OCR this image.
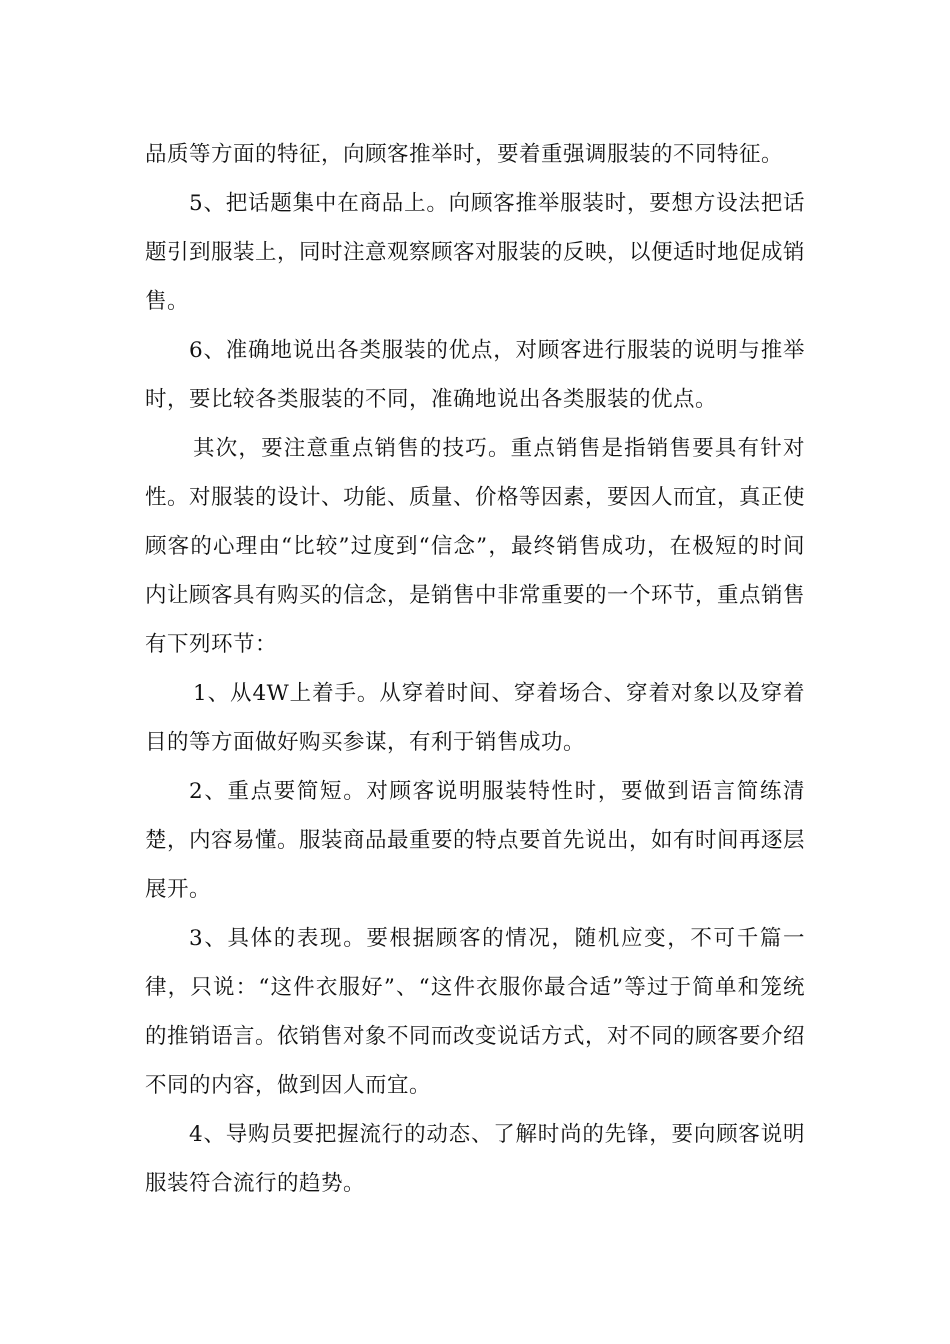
品质等方面的特征，向顾客推举时，要着重强调服装的不同特征。

5、把话题集中在商品上。向顾客推举服装时，要想方设法把话题引到服装上，同时注意观察顾客对服装的反映，以便适时地促成销售。

6、准确地说出各类服装的优点，对顾客进行服装的说明与推举时，要比较各类服装的不同，准确地说出各类服装的优点。

其次，要注意重点销售的技巧。重点销售是指销售要具有针对性。对服装的设计、功能、质量、价格等因素，要因人而宜，真正使顾客的心理由“比较”过度到“信念”，最终销售成功，在极短的时间内让顾客具有购买的信念，是销售中非常重要的一个环节，重点销售有下列环节：

1、从4W上着手。从穿着时间、穿着场合、穿着对象以及穿着目的等方面做好购买参谋，有利于销售成功。

2、重点要简短。对顾客说明服装特性时，要做到语言简练清楚，内容易懂。服装商品最重要的特点要首先说出，如有时间再逐层展开。

3、具体的表现。要根据顾客的情况，随机应变，不可千篇一律，只说：“这件衣服好”、“这件衣服你最合适”等过于简单和笼统的推销语言。依销售对象不同而改变说话方式，对不同的顾客要介绍不同的内容，做到因人而宜。

4、导购员要把握流行的动态、了解时尚的先锋，要向顾客说明服装符合流行的趋势。
